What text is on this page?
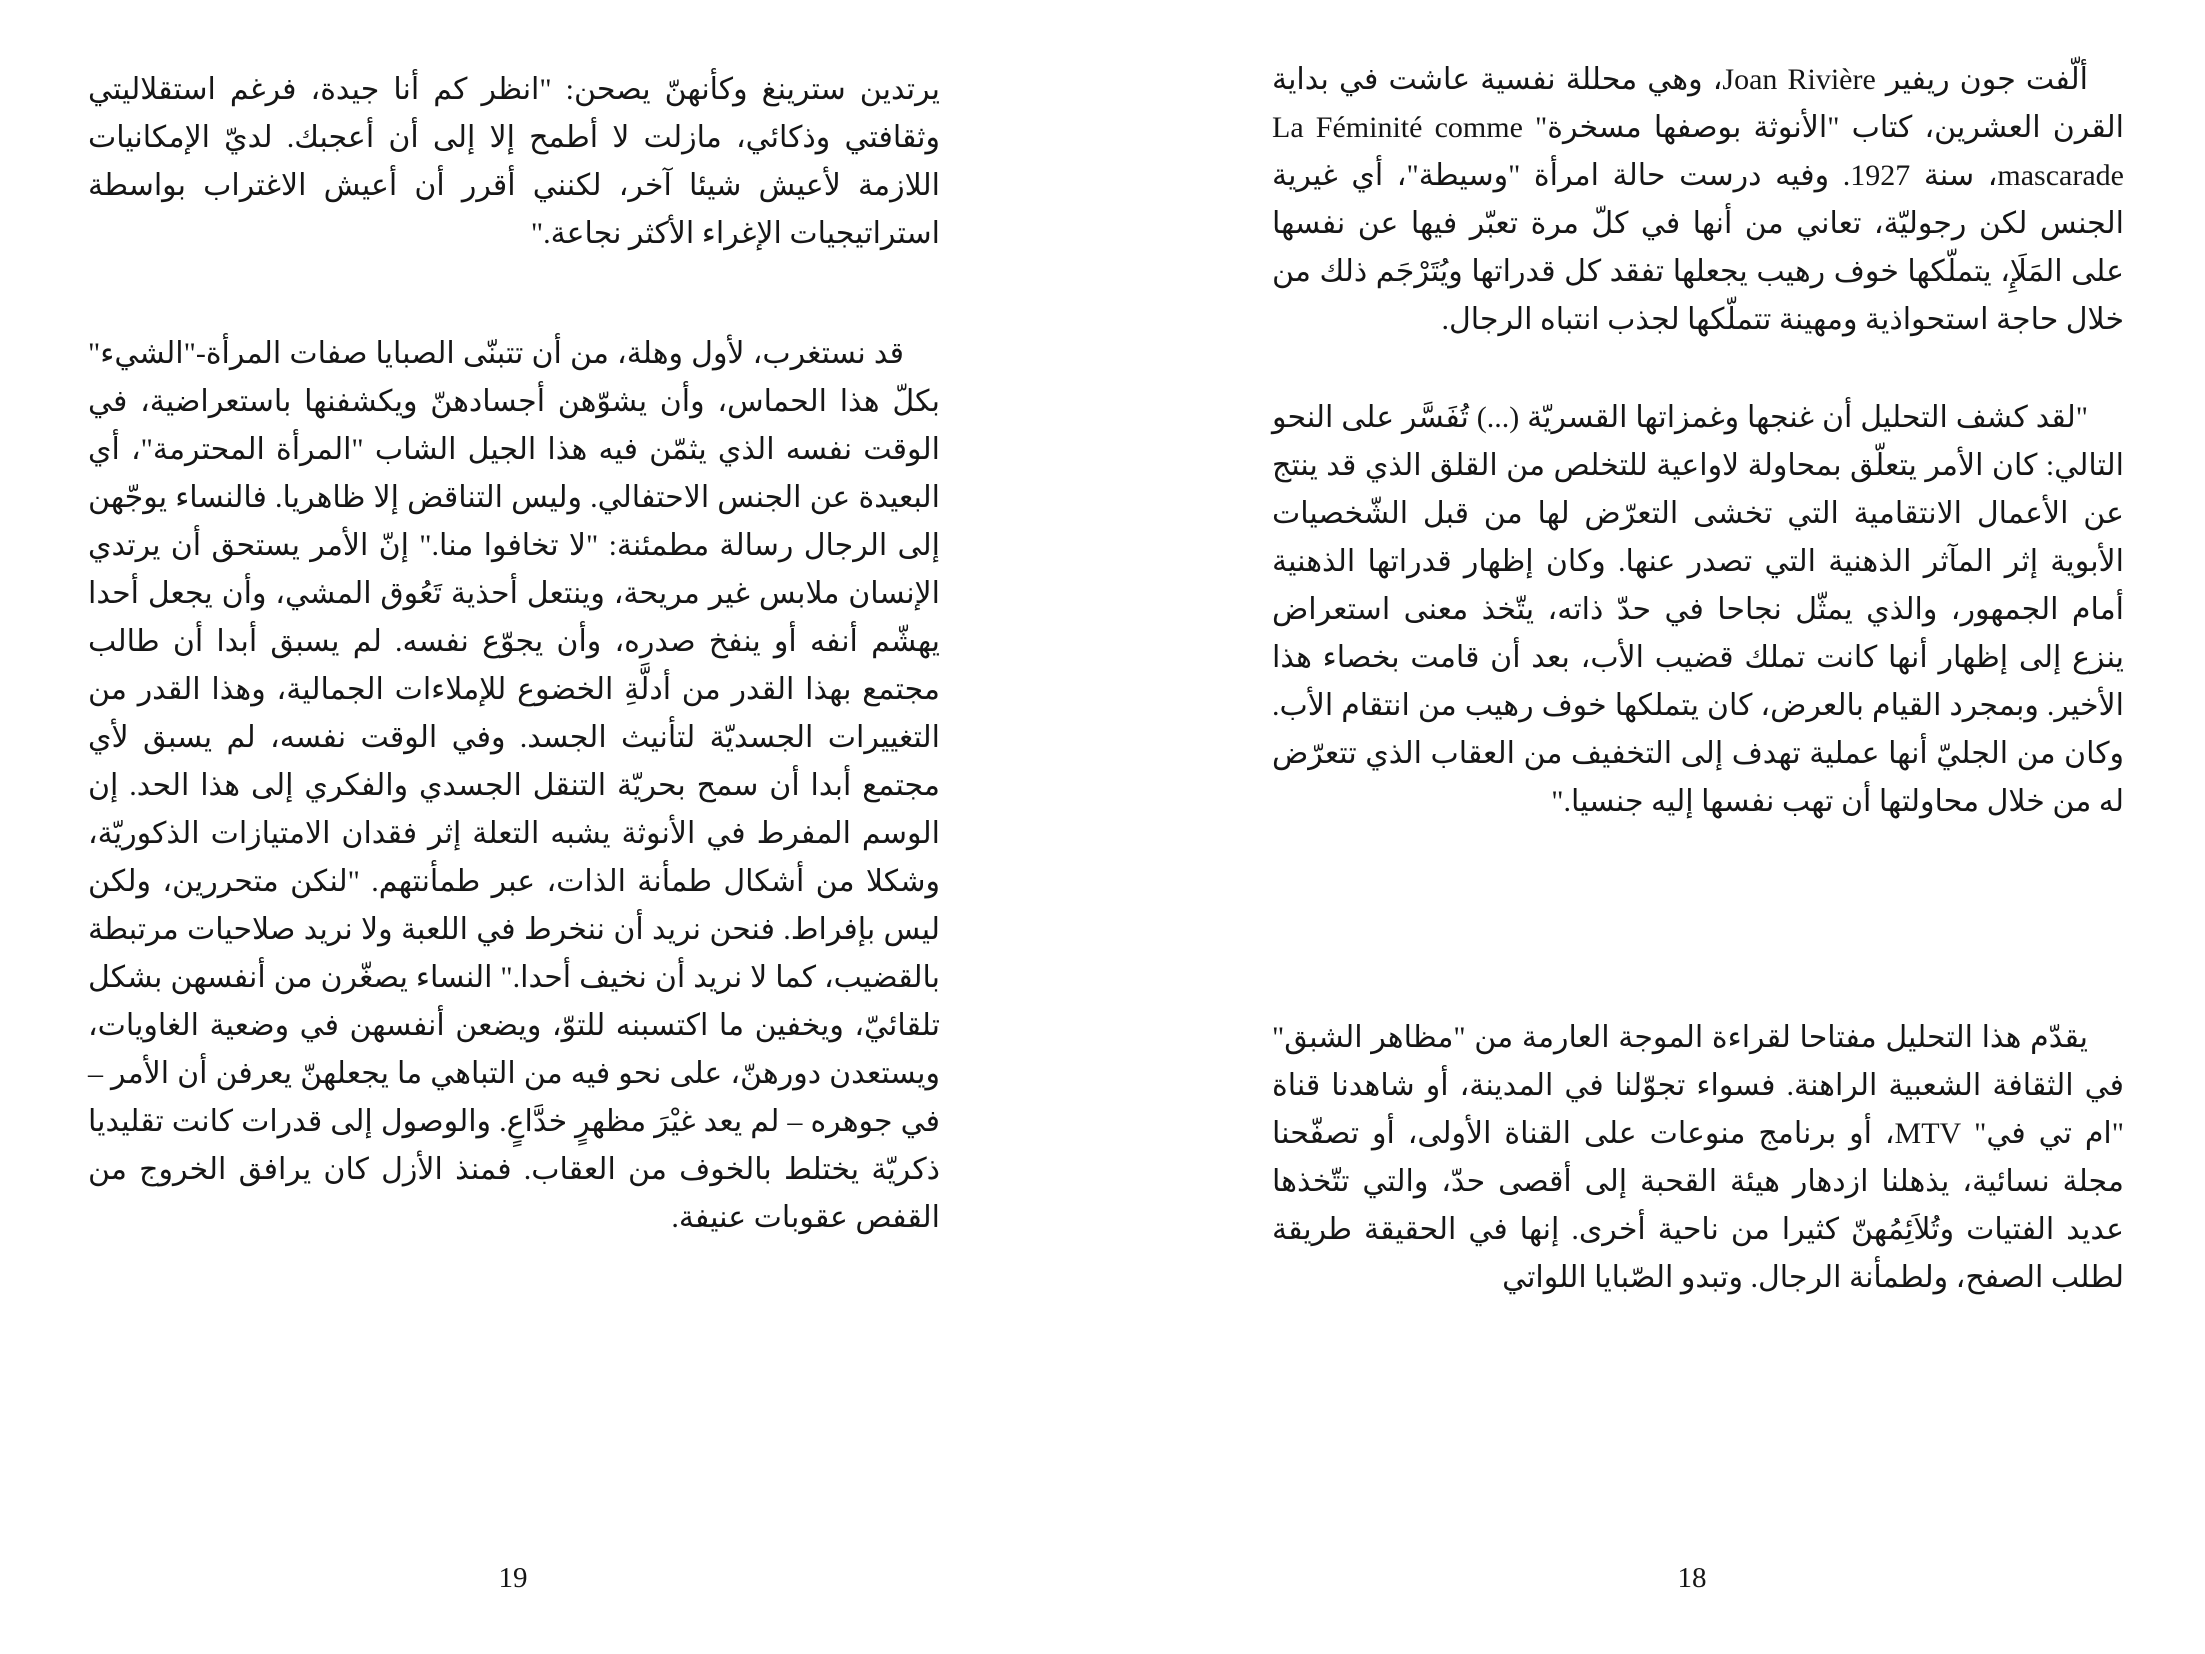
ألّفت جون ريفير Joan Rivière، وهي محللة نفسية عاشت في بداية القرن العشرين، كتاب "الأنوثة بوصفها مسخرة" La Féminité comme mascarade، سنة 1927. وفيه درست حالة امرأة "وسيطة"، أي غيرية الجنس لكن رجوليّة، تعاني من أنها في كلّ مرة تعبّر فيها عن نفسها على المَلَإِ، يتملّكها خوف رهيب يجعلها تفقد كل قدراتها ويُتَرْجَم ذلك من خلال حاجة استحواذية ومهينة تتملّكها لجذب انتباه الرجال.

"لقد كشف التحليل أن غنجها وغمزاتها القسريّة (...) تُفَسَّر على النحو التالي: كان الأمر يتعلّق بمحاولة لاواعية للتخلص من القلق الذي قد ينتج عن الأعمال الانتقامية التي تخشى التعرّض لها من قبل الشّخصيات الأبوية إثر المآثر الذهنية التي تصدر عنها. وكان إظهار قدراتها الذهنية أمام الجمهور، والذي يمثّل نجاحا في حدّ ذاته، يتّخذ معنى استعراض ينزع إلى إظهار أنها كانت تملك قضيب الأب، بعد أن قامت بخصاء هذا الأخير. وبمجرد القيام بالعرض، كان يتملكها خوف رهيب من انتقام الأب. وكان من الجليّ أنها عملية تهدف إلى التخفيف من العقاب الذي تتعرّض له من خلال محاولتها أن تهب نفسها إليه جنسيا."

يقدّم هذا التحليل مفتاحا لقراءة الموجة العارمة من "مظاهر الشبق" في الثقافة الشعبية الراهنة. فسواء تجوّلنا في المدينة، أو شاهدنا قناة "ام تي في" MTV، أو برنامج منوعات على القناة الأولى، أو تصفّحنا مجلة نسائية، يذهلنا ازدهار هيئة القحبة إلى أقصى حدّ، والتي تتّخذها عديد الفتيات وتُلاَئِمُهنّ كثيرا من ناحية أخرى. إنها في الحقيقة طريقة لطلب الصفح، ولطمأنة الرجال. وتبدو الصّبايا اللواتي

18

يرتدين سترينغ وكأنهنّ يصحن: "انظر كم أنا جيدة، فرغم استقلاليتي وثقافتي وذكائي، مازلت لا أطمح إلا إلى أن أعجبك. لديّ الإمكانيات اللازمة لأعيش شيئا آخر، لكنني أقرر أن أعيش الاغتراب بواسطة استراتيجيات الإغراء الأكثر نجاعة."

قد نستغرب، لأول وهلة، من أن تتبنّى الصبايا صفات المرأة-"الشيء" بكلّ هذا الحماس، وأن يشوّهن أجسادهنّ ويكشفنها باستعراضية، في الوقت نفسه الذي يثمّن فيه هذا الجيل الشاب "المرأة المحترمة"، أي البعيدة عن الجنس الاحتفالي. وليس التناقض إلا ظاهريا. فالنساء يوجّهن إلى الرجال رسالة مطمئنة: "لا تخافوا منا." إنّ الأمر يستحق أن يرتدي الإنسان ملابس غير مريحة، وينتعل أحذية تَعُوق المشي، وأن يجعل أحدا يهشّم أنفه أو ينفخ صدره، وأن يجوّع نفسه. لم يسبق أبدا أن طالب مجتمع بهذا القدر من أدلَّةِ الخضوع للإملاءات الجمالية، وهذا القدر من التغييرات الجسديّة لتأنيث الجسد. وفي الوقت نفسه، لم يسبق لأي مجتمع أبدا أن سمح بحريّة التنقل الجسدي والفكري إلى هذا الحد. إن الوسم المفرط في الأنوثة يشبه التعلة إثر فقدان الامتيازات الذكوريّة، وشكلا من أشكال طمأنة الذات، عبر طمأنتهم. "لنكن متحررين، ولكن ليس بإفراط. فنحن نريد أن ننخرط في اللعبة ولا نريد صلاحيات مرتبطة بالقضيب، كما لا نريد أن نخيف أحدا." النساء يصغّرن من أنفسهن بشكل تلقائيّ، ويخفين ما اكتسبنه للتوّ، ويضعن أنفسهن في وضعية الغاويات، ويستعدن دورهنّ، على نحو فيه من التباهي ما يجعلهنّ يعرفن أن الأمر – في جوهره – لم يعد غيْرَ مظهرٍ خدَّاعٍ. والوصول إلى قدرات كانت تقليديا ذكريّة يختلط بالخوف من العقاب. فمنذ الأزل كان يرافق الخروج من القفص عقوبات عنيفة.

19
